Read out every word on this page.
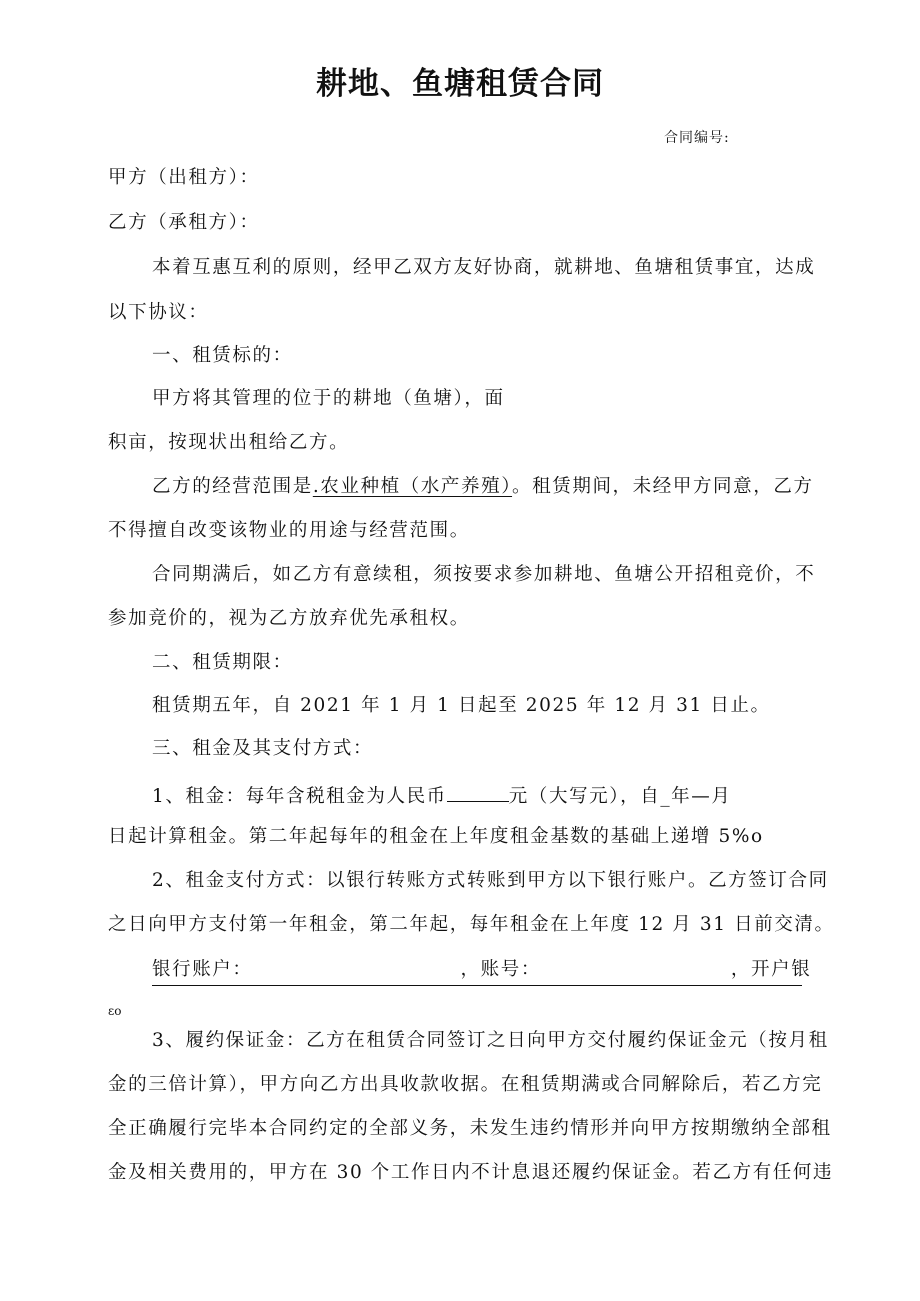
耕地、鱼塘租赁合同
合同编号:

甲方（出租方）：

乙方（承租方）：

本着互惠互利的原则，经甲乙双方友好协商，就耕地、鱼塘租赁事宜，达成

以下协议：

一、租赁标的：

甲方将其管理的位于的耕地（鱼塘），面

积亩，按现状出租给乙方。

乙方的经营范围是.农业种植（水产养殖）。租赁期间，未经甲方同意，乙方

不得擅自改变该物业的用途与经营范围。

合同期满后，如乙方有意续租，须按要求参加耕地、鱼塘公开招租竞价，不

参加竞价的，视为乙方放弃优先承租权。

二、租赁期限：

租赁期五年，自 2021 年 1 月 1 日起至 2025 年 12 月 31 日止。

三、租金及其支付方式：

1、租金：每年含税租金为人民币	元（大写元），自_年—月

日起计算租金。第二年起每年的租金在上年度租金基数的基础上递增 5%o

2、租金支付方式：以银行转账方式转账到甲方以下银行账户。乙方签订合同

之日向甲方支付第一年租金，第二年起，每年租金在上年度 12 月 31 日前交清。

银行账户：	，账号：	，开户银
εo

3、履约保证金：乙方在租赁合同签订之日向甲方交付履约保证金元（按月租

金的三倍计算），甲方向乙方出具收款收据。在租赁期满或合同解除后，若乙方完

全正确履行完毕本合同约定的全部义务，未发生违约情形并向甲方按期缴纳全部租

金及相关费用的，甲方在 30 个工作日内不计息退还履约保证金。若乙方有任何违
